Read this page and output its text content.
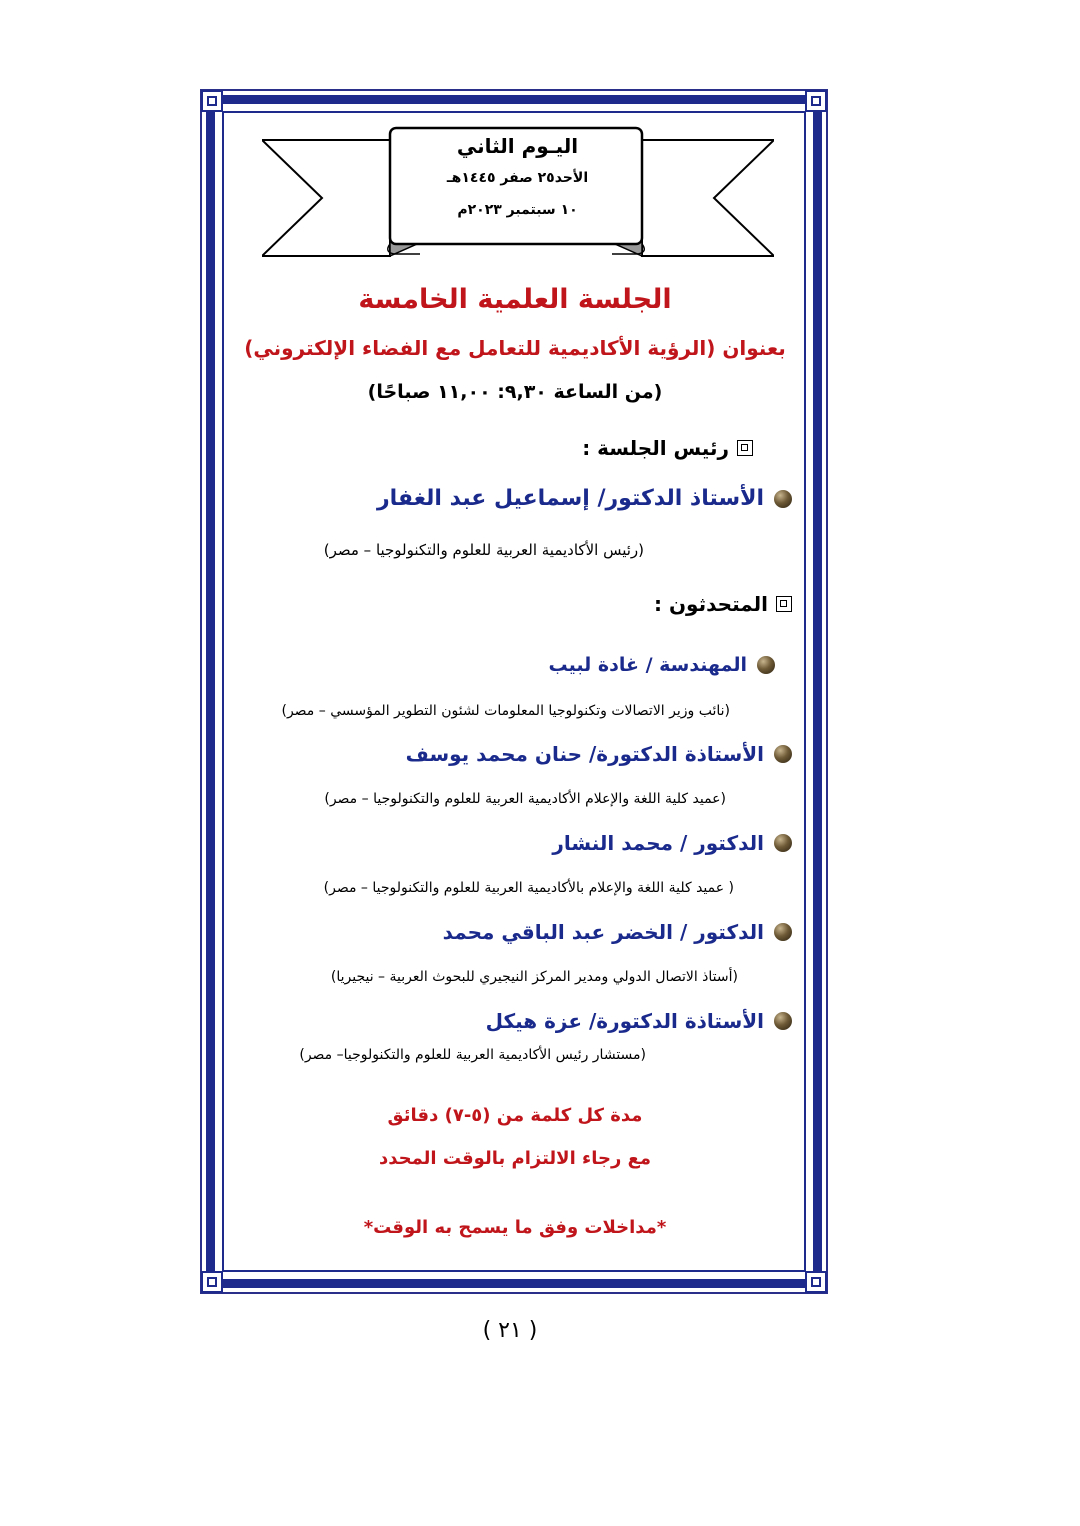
اليـوم الثاني
الأحد٢٥ صفر ١٤٤٥هـ
١٠ سبتمبر ٢٠٢٣م
الجلسة العلمية الخامسة
بعنوان (الرؤية الأكاديمية للتعامل مع الفضاء الإلكتروني)
(من الساعة ٩,٣٠: ١١,٠٠ صباحًا)
رئيس الجلسة :
الأستاذ الدكتور/ إسماعيل عبد الغفار
(رئيس الأكاديمية العربية للعلوم والتكنولوجيا – مصر)
المتحدثون :
المهندسة / غادة لبيب
(نائب وزير الاتصالات وتكنولوجيا المعلومات لشئون التطوير المؤسسي – مصر)
الأستاذة الدكتورة/ حنان محمد يوسف
(عميد كلية اللغة والإعلام الأكاديمية العربية للعلوم والتكنولوجيا – مصر)
الدكتور / محمد النشار
( عميد كلية اللغة والإعلام بالأكاديمية العربية للعلوم والتكنولوجيا – مصر)
الدكتور / الخضر عبد الباقي محمد
(أستاذ الاتصال الدولي ومدير المركز النيجيري للبحوث العربية – نيجيريا)
الأستاذة الدكتورة/ عزة هيكل
(مستشار رئيس الأكاديمية العربية للعلوم والتكنولوجيا– مصر)
مدة كل كلمة من (٥-٧) دقائق
مع رجاء الالتزام بالوقت المحدد
*مداخلات وفق ما يسمح به الوقت*
( ٢١ )
